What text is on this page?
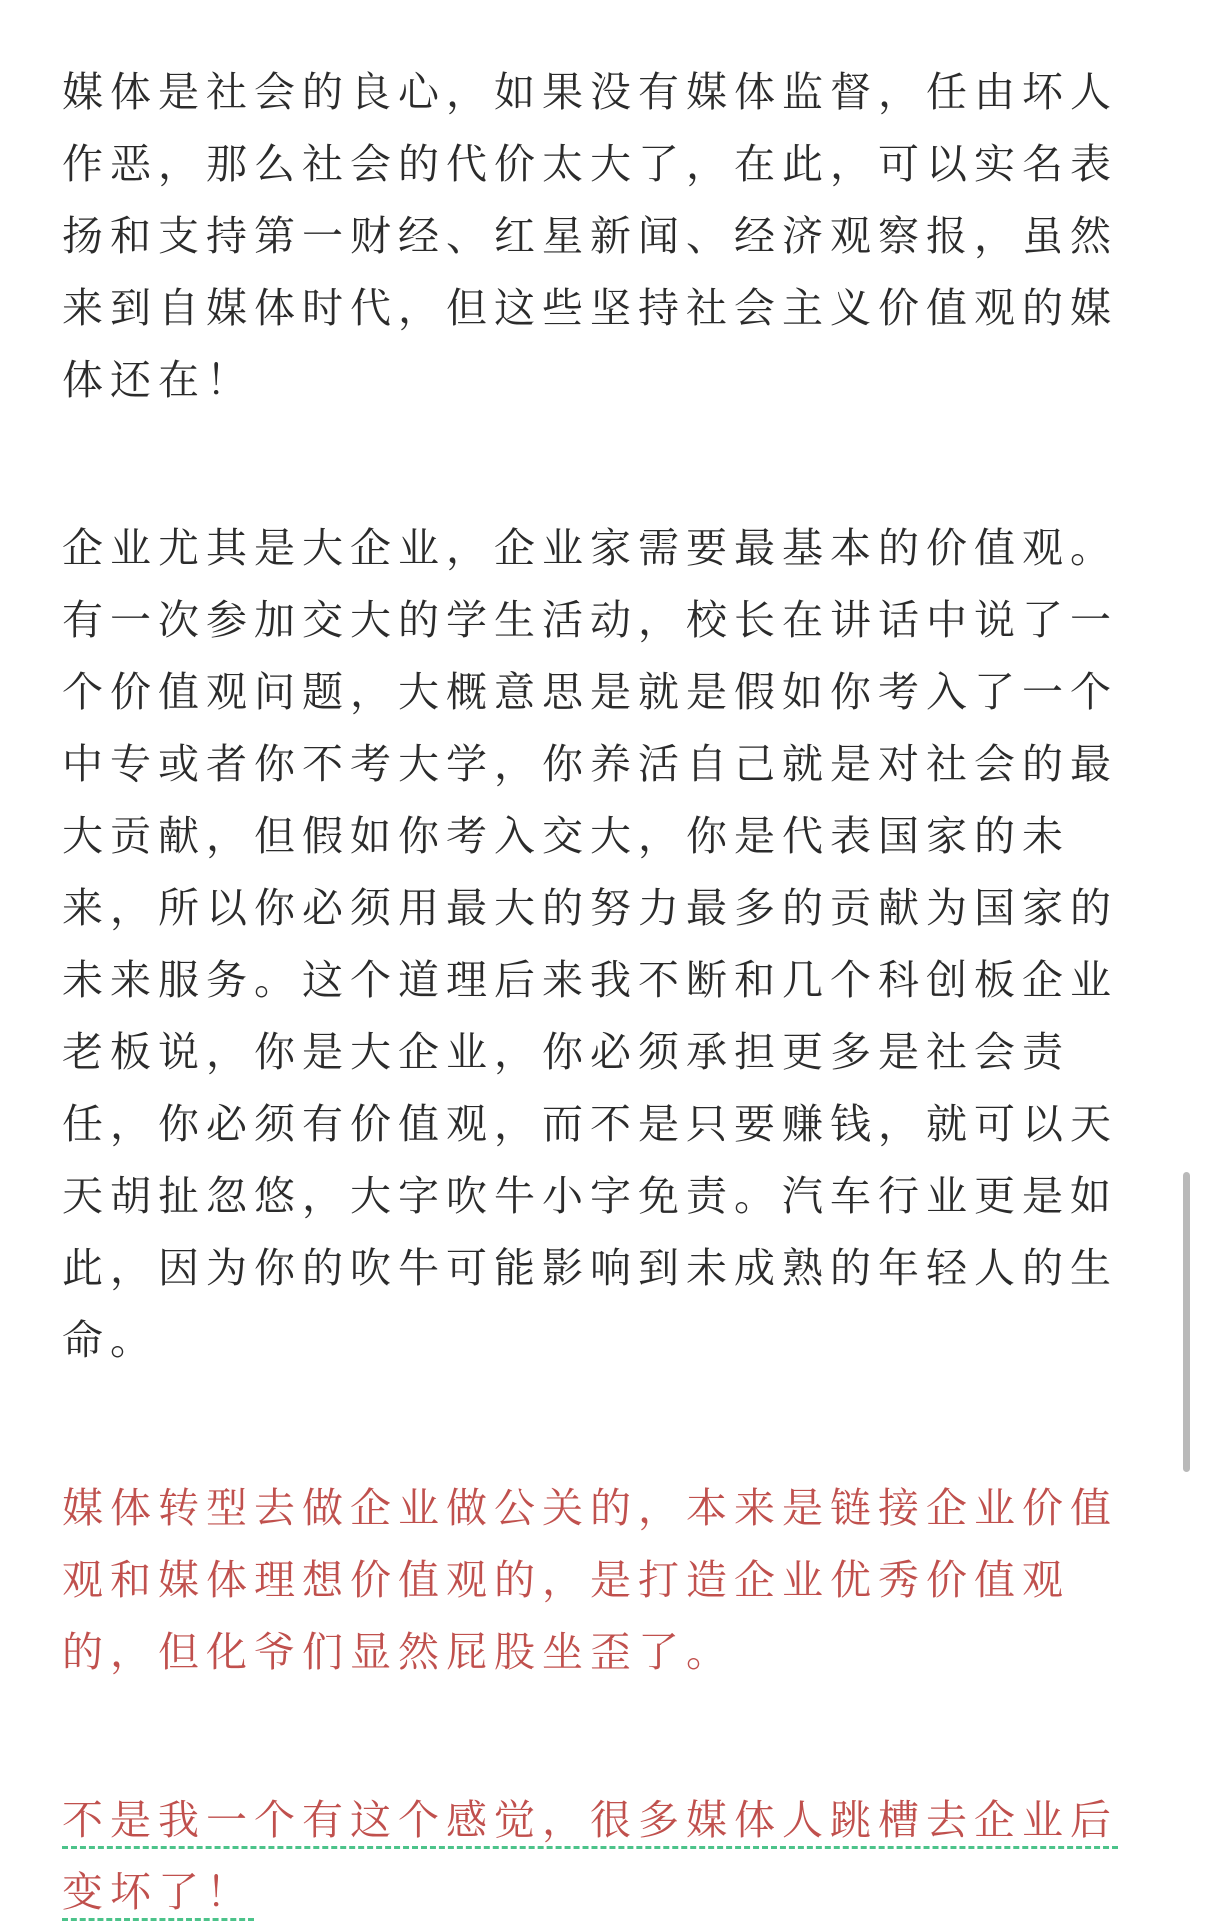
媒体是社会的良心，如果没有媒体监督，任由坏人作恶，那么社会的代价太大了，在此，可以实名表扬和支持第一财经、红星新闻、经济观察报，虽然来到自媒体时代，但这些坚持社会主义价值观的媒体还在！

企业尤其是大企业，企业家需要最基本的价值观。有一次参加交大的学生活动，校长在讲话中说了一个价值观问题，大概意思是就是假如你考入了一个中专或者你不考大学，你养活自己就是对社会的最大贡献，但假如你考入交大，你是代表国家的未来，所以你必须用最大的努力最多的贡献为国家的未来服务。这个道理后来我不断和几个科创板企业老板说，你是大企业，你必须承担更多是社会责任，你必须有价值观，而不是只要赚钱，就可以天天胡扯忽悠，大字吹牛小字免责。汽车行业更是如此，因为你的吹牛可能影响到未成熟的年轻人的生命。

媒体转型去做企业做公关的，本来是链接企业价值观和媒体理想价值观的，是打造企业优秀价值观的，但化爷们显然屁股坐歪了。

不是我一个有这个感觉，很多媒体人跳槽去企业后变坏了！
